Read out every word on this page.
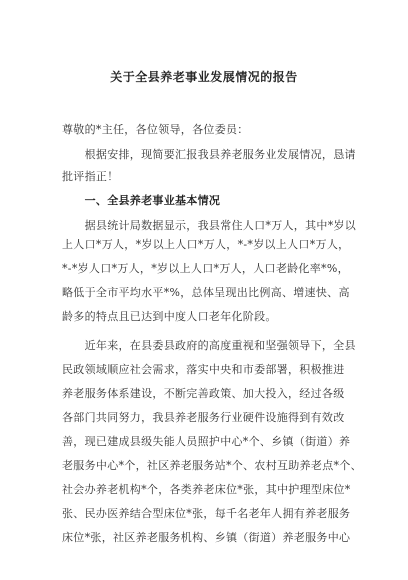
关于全县养老事业发展情况的报告
尊敬的*主任，各位领导，各位委员：
　　根据安排，现简要汇报我县养老服务业发展情况，恳请
批评指正！
　　一、全县养老事业基本情况
　　据县统计局数据显示，我县常住人口*万人，其中*岁以
上人口*万人，*岁以上人口*万人，*-*岁以上人口*万人，
*-*岁人口*万人，*岁以上人口*万人，人口老龄化率*%，
略低于全市平均水平*%，总体呈现出比例高、增速快、高
龄多的特点且已达到中度人口老年化阶段。
　　近年来，在县委县政府的高度重视和坚强领导下，全县
民政领域顺应社会需求，落实中央和市委部署，积极推进
养老服务体系建设，不断完善政策、加大投入，经过各级
各部门共同努力，我县养老服务行业硬件设施得到有效改
善，现已建成县级失能人员照护中心*个、乡镇（街道）养
老服务中心*个，社区养老服务站*个、农村互助养老点*个、
社会办养老机构*个，各类养老床位*张，其中护理型床位*
张、民办医养结合型床位*张，每千名老年人拥有养老服务
床位*张，社区养老服务机构、乡镇（街道）养老服务中心
